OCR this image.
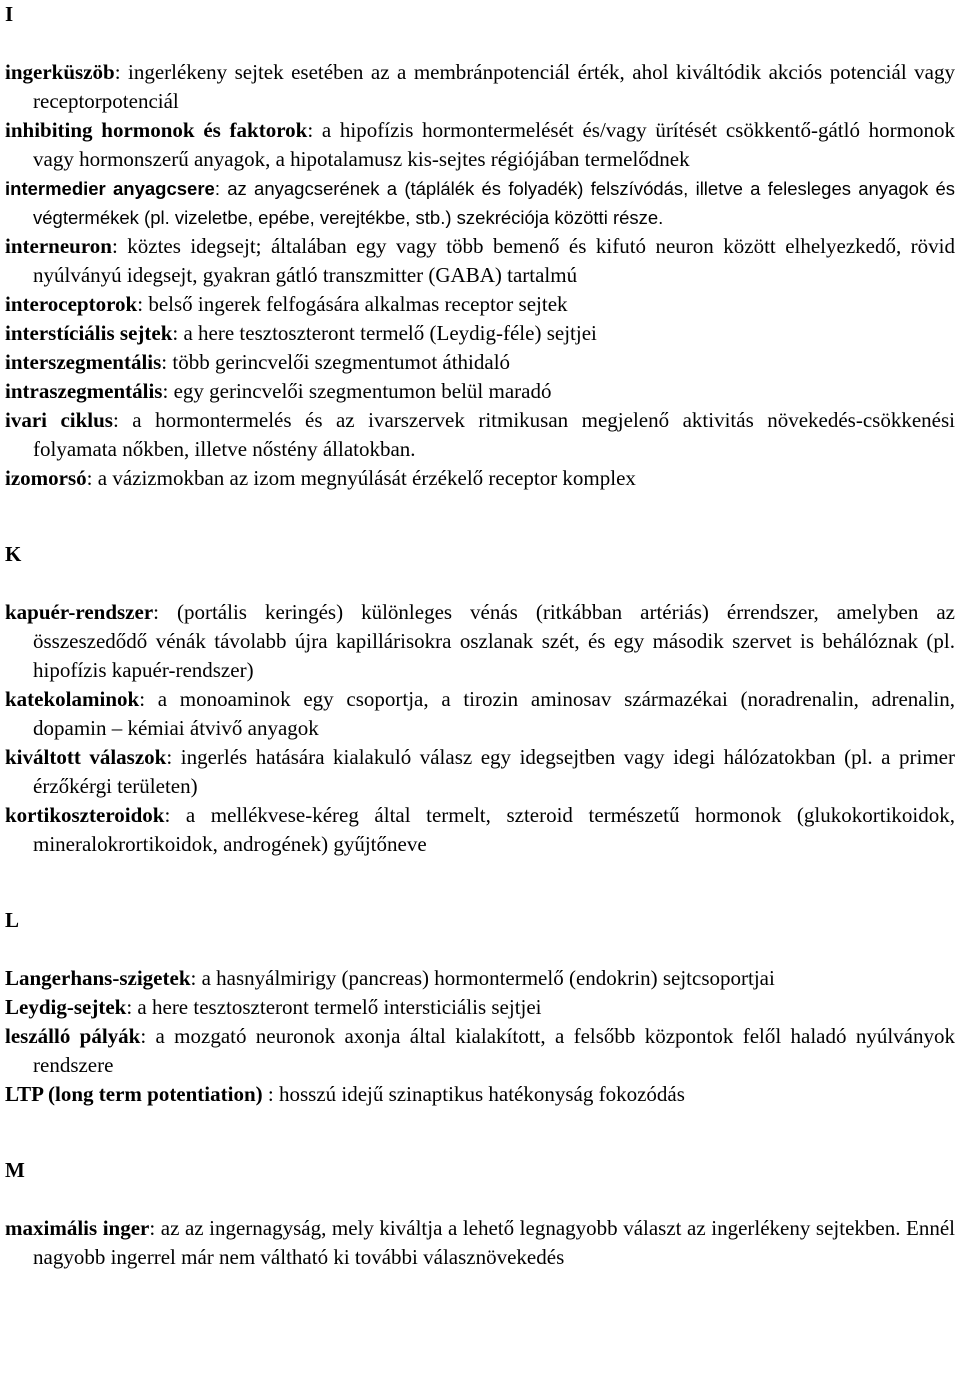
I

ingerküszöb: ingerlékeny sejtek esetében az a membránpotenciál érték, ahol kiváltódik akciós potenciál vagy receptorpotenciál

inhibiting hormonok és faktorok: a hipofízis hormontermelését és/vagy ürítését csökkentő-gátló hormonok vagy hormonszerű anyagok, a hipotalamusz kis-sejtes régiójában termelődnek

intermedier anyagcsere: az anyagcserének a (táplálék és folyadék) felszívódás, illetve a felesleges anyagok és végtermékek (pl. vizeletbe, epébe, verejtékbe, stb.) szekréciója közötti része.

interneuron: köztes idegsejt; általában egy vagy több bemenő és kifutó neuron között elhelyezkedő, rövid nyúlványú idegsejt, gyakran gátló transzmitter (GABA) tartalmú

interoceptorok: belső ingerek felfogására alkalmas receptor sejtek

interstíciális sejtek: a here tesztoszteront termelő (Leydig-féle) sejtjei

interszegmentális: több gerincvelői szegmentumot áthidaló

intraszegmentális: egy gerincvelői szegmentumon belül maradó

ivari ciklus: a hormontermelés és az ivarszervek ritmikusan megjelenő aktivitás növekedés-csökkenési folyamata nőkben, illetve nőstény állatokban.

izomorsó: a vázizmokban az izom megnyúlását érzékelő receptor komplex

K

kapuér-rendszer: (portális keringés) különleges vénás (ritkábban artériás) érrendszer, amelyben az összeszedődő vénák távolabb újra kapillárisokra oszlanak szét, és egy második szervet is behálóznak (pl. hipofízis kapuér-rendszer)

katekolaminok: a monoaminok egy csoportja, a tirozin aminosav származékai (noradrenalin, adrenalin, dopamin – kémiai átvivő anyagok

kiváltott válaszok: ingerlés hatására kialakuló válasz egy idegsejtben vagy idegi hálózatokban (pl. a primer érzőkérgi területen)

kortikoszteroidok: a mellékvese-kéreg által termelt, szteroid természetű hormonok (glukokortikoidok, mineralokrortikoidok, androgének) gyűjtőneve

L

Langerhans-szigetek: a hasnyálmirigy (pancreas) hormontermelő (endokrin) sejtcsoportjai

Leydig-sejtek: a here tesztoszteront termelő intersticiális sejtjei

leszálló pályák: a mozgató neuronok axonja által kialakított, a felsőbb központok felől haladó nyúlványok rendszere

LTP (long term potentiation) : hosszú idejű szinaptikus hatékonyság fokozódás

M

maximális inger: az az ingernagyság, mely kiváltja a lehető legnagyobb választ az ingerlékeny sejtekben. Ennél nagyobb ingerrel már nem váltható ki további válasznövekedés
